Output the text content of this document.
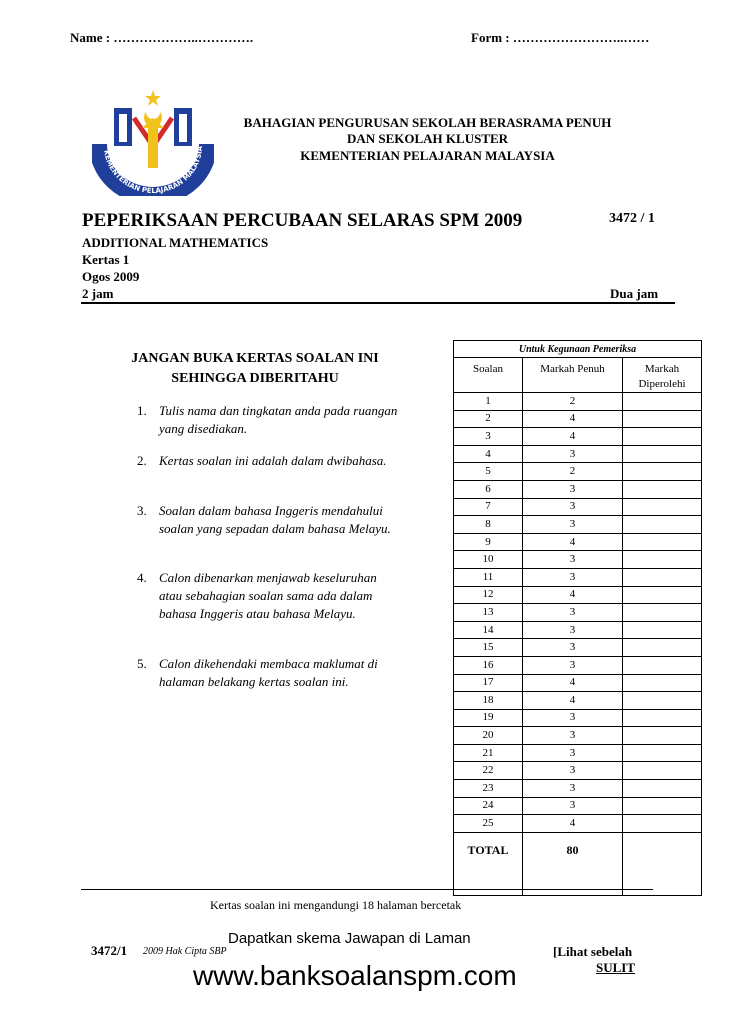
Name : ………………..………….	Form : ……………………..……
KEMENTERIAN PELAJARAN MALAYSIA
BAHAGIAN PENGURUSAN SEKOLAH BERASRAMA PENUH
DAN SEKOLAH KLUSTER
KEMENTERIAN PELAJARAN MALAYSIA
PEPERIKSAAN PERCUBAAN SELARAS SPM 2009	3472 / 1
ADDITIONAL MATHEMATICS
Kertas 1
Ogos 2009
2 jam	Dua jam
JANGAN BUKA KERTAS SOALAN INI
SEHINGGA DIBERITAHU
1. Tulis nama dan tingkatan anda pada ruangan yang disediakan.
2. Kertas soalan ini adalah dalam dwibahasa.
3. Soalan dalam bahasa Inggeris mendahului soalan yang sepadan dalam bahasa Melayu.
4. Calon dibenarkan menjawab keseluruhan atau sebahagian soalan sama ada dalam bahasa Inggeris atau bahasa Melayu.
5. Calon dikehendaki membaca maklumat di halaman belakang kertas soalan ini.
Untuk Kegunaan Pemeriksa		
Soalan	Markah Penuh	Markah Diperolehi
1	2	
2	4	
3	4	
4	3	
5	2	
6	3	
7	3	
8	3	
9	4	
10	3	
11	3	
12	4	
13	3	
14	3	
15	3	
16	3	
17	4	
18	4	
19	3	
20	3	
21	3	
22	3	
23	3	
24	3	
25	4	
TOTAL	80	
Kertas soalan ini mengandungi 18 halaman bercetak
3472/1 2009 Hak Cipta SBP
Dapatkan skema Jawapan di Laman
[Lihat sebelah
SULIT
www.banksoalanspm.com
